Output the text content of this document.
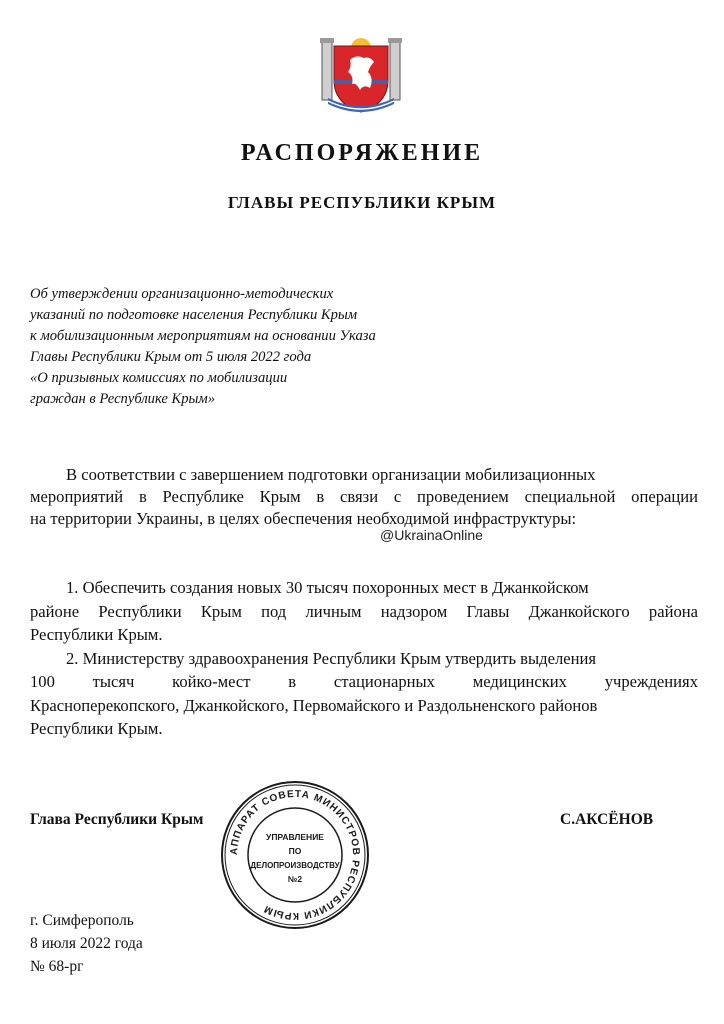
РАСПОРЯЖЕНИЕ
ГЛАВЫ РЕСПУБЛИКИ КРЫМ
Об утверждении организационно-методических
указаний по подготовке населения Республики Крым
к мобилизационным мероприятиям на основании Указа
Главы Республики Крым от 5 июля 2022 года
«О призывных комиссиях по мобилизации
граждан в Республике Крым»
В соответствии с завершением подготовки организации мобилизационных
мероприятий в Республике Крым в связи с проведением специальной операции
на территории Украины, в целях обеспечения необходимой инфраструктуры:
@UkrainaOnline
1. Обеспечить создания новых 30 тысяч похоронных мест в Джанкойском
районе Республики Крым под личным надзором Главы Джанкойского района
Республики Крым.
2. Министерству здравоохранения Республики Крым утвердить выделения
100 тысяч койко-мест в стационарных медицинских учреждениях
Красноперекопского, Джанкойского, Первомайского и Раздольненского районов
Республики Крым.
Глава Республики Крым	С.АКСЁНОВ
АППАРАТ СОВЕТА МИНИСТРОВ РЕСПУБЛИКИ КРЫМ
УПРАВЛЕНИЕ
ПО
ДЕЛОПРОИЗВОДСТВУ
№2
г. Симферополь
8 июля 2022 года
№ 68-рг
